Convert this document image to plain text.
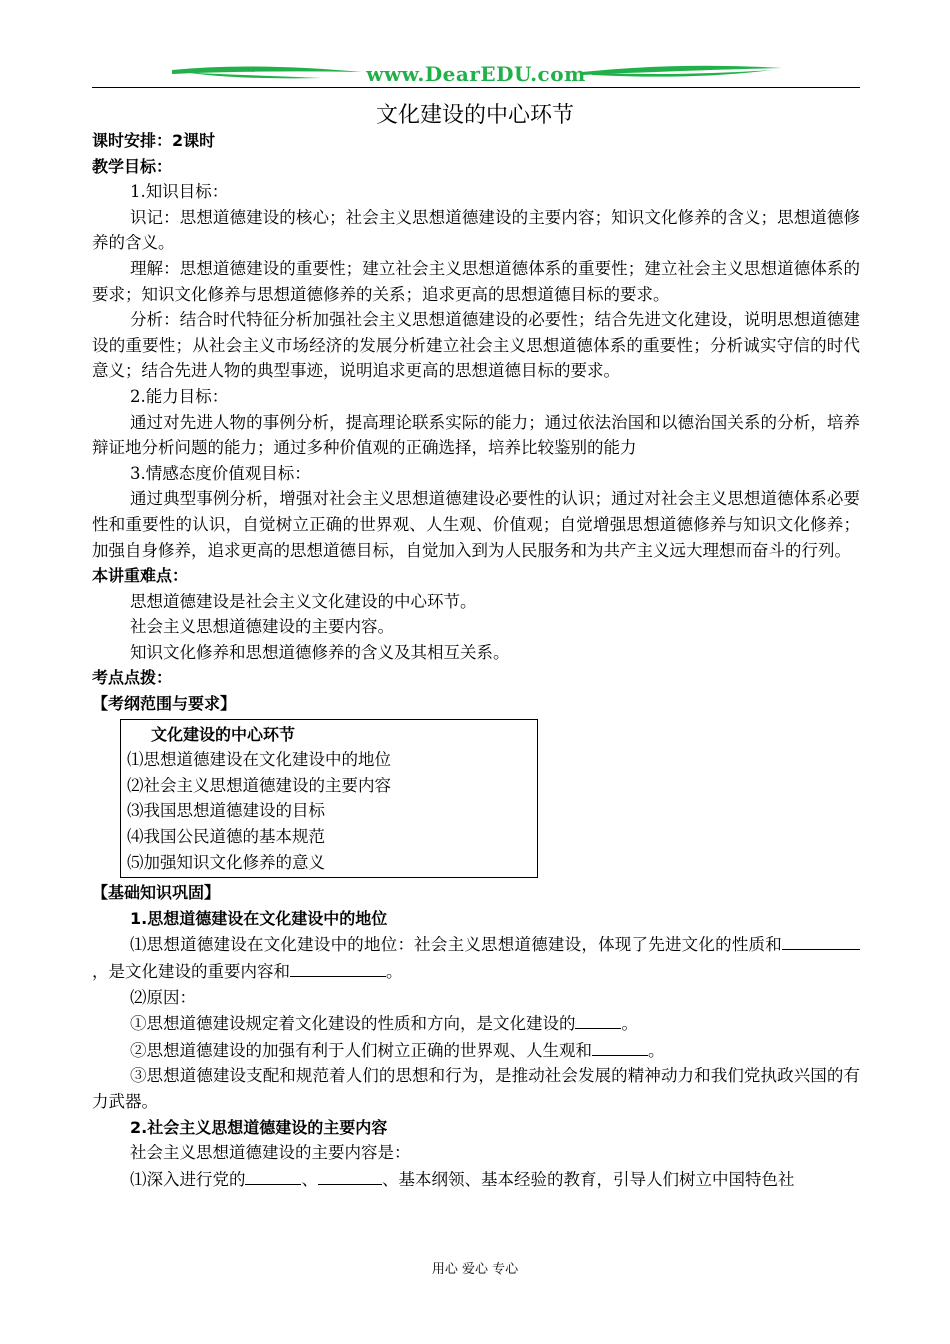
www.DearEDU.com
文化建设的中心环节

课时安排：2课时

教学目标：

1.知识目标：

识记：思想道德建设的核心；社会主义思想道德建设的主要内容；知识文化修养的含义；思想道德修养的含义。

理解：思想道德建设的重要性；建立社会主义思想道德体系的重要性；建立社会主义思想道德体系的要求；知识文化修养与思想道德修养的关系；追求更高的思想道德目标的要求。

分析：结合时代特征分析加强社会主义思想道德建设的必要性；结合先进文化建设，说明思想道德建设的重要性；从社会主义市场经济的发展分析建立社会主义思想道德体系的重要性；分析诚实守信的时代意义；结合先进人物的典型事迹，说明追求更高的思想道德目标的要求。

2.能力目标：

通过对先进人物的事例分析，提高理论联系实际的能力；通过依法治国和以德治国关系的分析，培养辩证地分析问题的能力；通过多种价值观的正确选择，培养比较鉴别的能力

3.情感态度价值观目标：

通过典型事例分析，增强对社会主义思想道德建设必要性的认识；通过对社会主义思想道德体系必要性和重要性的认识，自觉树立正确的世界观、人生观、价值观；自觉增强思想道德修养与知识文化修养；加强自身修养，追求更高的思想道德目标，自觉加入到为人民服务和为共产主义远大理想而奋斗的行列。

本讲重难点：

思想道德建设是社会主义文化建设的中心环节。

社会主义思想道德建设的主要内容。

知识文化修养和思想道德修养的含义及其相互关系。

考点点拨：

【考纲范围与要求】

文化建设的中心环节
⑴思想道德建设在文化建设中的地位
⑵社会主义思想道德建设的主要内容
⑶我国思想道德建设的目标
⑷我国公民道德的基本规范
⑸加强知识文化修养的意义

【基础知识巩固】

1.思想道德建设在文化建设中的地位

⑴思想道德建设在文化建设中的地位：社会主义思想道德建设，体现了先进文化的性质和，是文化建设的重要内容和	。

⑵原因：

①思想道德建设规定着文化建设的性质和方向，是文化建设的	。

②思想道德建设的加强有利于人们树立正确的世界观、人生观和	。

③思想道德建设支配和规范着人们的思想和行为，是推动社会发展的精神动力和我们党执政兴国的有力武器。

2.社会主义思想道德建设的主要内容

社会主义思想道德建设的主要内容是：

⑴深入进行党的	、	、基本纲领、基本经验的教育，引导人们树立中国特色社

用心 爱心 专心
